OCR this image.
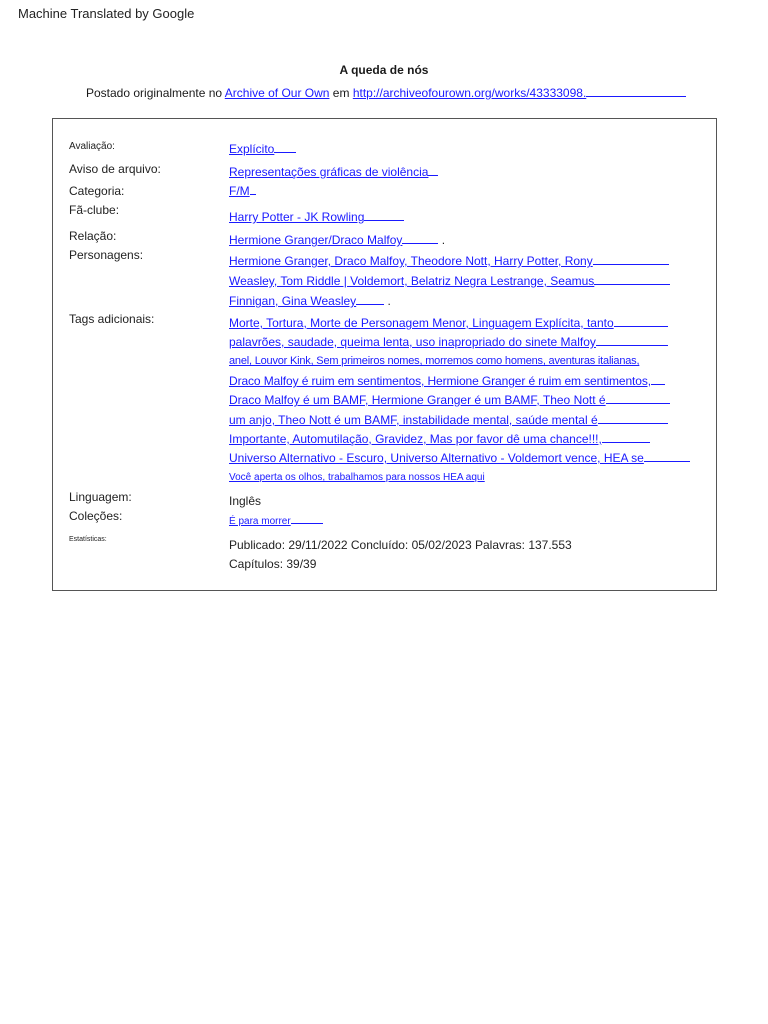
Machine Translated by Google
A queda de nós
Postado originalmente no Archive of Our Own em http://archiveofourown.org/works/43333098.
Avaliação:	Explícito
Aviso de arquivo:	Representações gráficas de violência
Categoria:	F/M
Fã-clube:	Harry Potter - JK Rowling
Relação:	Hermione Granger/Draco Malfoy	.
Personagens:	Hermione Granger, Draco Malfoy, Theodore Nott, Harry Potter, Rony
Weasley, Tom Riddle | Voldemort, Belatriz Negra Lestrange, Seamus
Finnigan, Gina Weasley .
Tags adicionais:	Morte, Tortura, Morte de Personagem Menor, Linguagem Explícita, tanto
palavrões, saudade, queima lenta, uso inapropriado do sinete Malfoy
anel, Louvor Kink, Sem primeiros nomes, morremos como homens, aventuras italianas,
Draco Malfoy é ruim em sentimentos, Hermione Granger é ruim em sentimentos,
Draco Malfoy é um BAMF, Hermione Granger é um BAMF, Theo Nott é
um anjo, Theo Nott é um BAMF, instabilidade mental, saúde mental é
Importante, Automutilação, Gravidez, Mas por favor dê uma chance!!!,
Universo Alternativo - Escuro, Universo Alternativo - Voldemort vence, HEA se
Você aperta os olhos, trabalhamos para nossos HEA aqui
Linguagem:	Inglês
Coleções:	É para morrer
Estatísticas:	Publicado: 29/11/2022 Concluído: 05/02/2023 Palavras: 137.553
Capítulos: 39/39
